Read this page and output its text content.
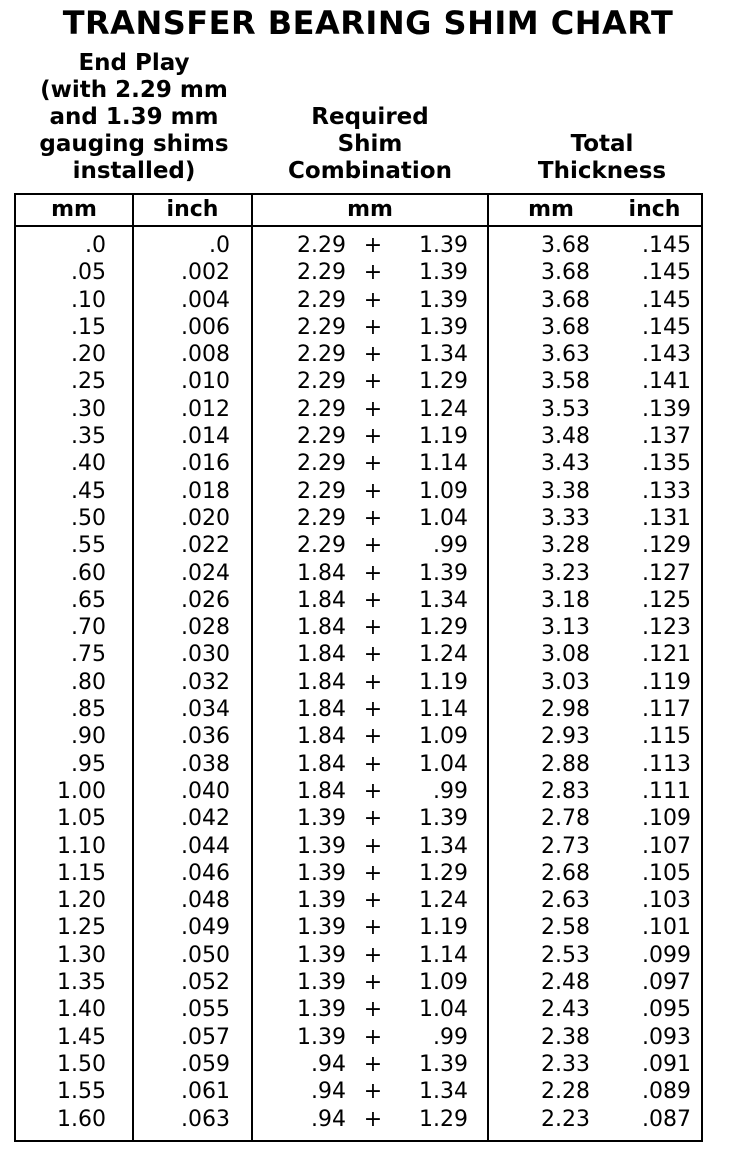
TRANSFER BEARING SHIM CHART
End Play
(with 2.29 mm
and 1.39 mm
gauging shims
installed)
Required
Shim
Combination
Total
Thickness
mm	inch	mm	mm	inch
.0	.0	2.29 +	1.39	3.68	.145
.05	.002	2.29 +	1.39	3.68	.145
.10	.004	2.29 +	1.39	3.68	.145
.15	.006	2.29 +	1.39	3.68	.145
.20	.008	2.29 +	1.34	3.63	.143
.25	.010	2.29 +	1.29	3.58	.141
.30	.012	2.29 +	1.24	3.53	.139
.35	.014	2.29 +	1.19	3.48	.137
.40	.016	2.29 +	1.14	3.43	.135
.45	.018	2.29 +	1.09	3.38	.133
.50	.020	2.29 +	1.04	3.33	.131
.55	.022	2.29 +	.99	3.28	.129
.60	.024	1.84 +	1.39	3.23	.127
.65	.026	1.84 +	1.34	3.18	.125
.70	.028	1.84 +	1.29	3.13	.123
.75	.030	1.84 +	1.24	3.08	.121
.80	.032	1.84 +	1.19	3.03	.119
.85	.034	1.84 +	1.14	2.98	.117
.90	.036	1.84 +	1.09	2.93	.115
.95	.038	1.84 +	1.04	2.88	.113
1.00	.040	1.84 +	.99	2.83	.111
1.05	.042	1.39 +	1.39	2.78	.109
1.10	.044	1.39 +	1.34	2.73	.107
1.15	.046	1.39 +	1.29	2.68	.105
1.20	.048	1.39 +	1.24	2.63	.103
1.25	.049	1.39 +	1.19	2.58	.101
1.30	.050	1.39 +	1.14	2.53	.099
1.35	.052	1.39 +	1.09	2.48	.097
1.40	.055	1.39 +	1.04	2.43	.095
1.45	.057	1.39 +	.99	2.38	.093
1.50	.059	.94 +	1.39	2.33	.091
1.55	.061	.94 +	1.34	2.28	.089
1.60	.063	.94 +	1.29	2.23	.087
